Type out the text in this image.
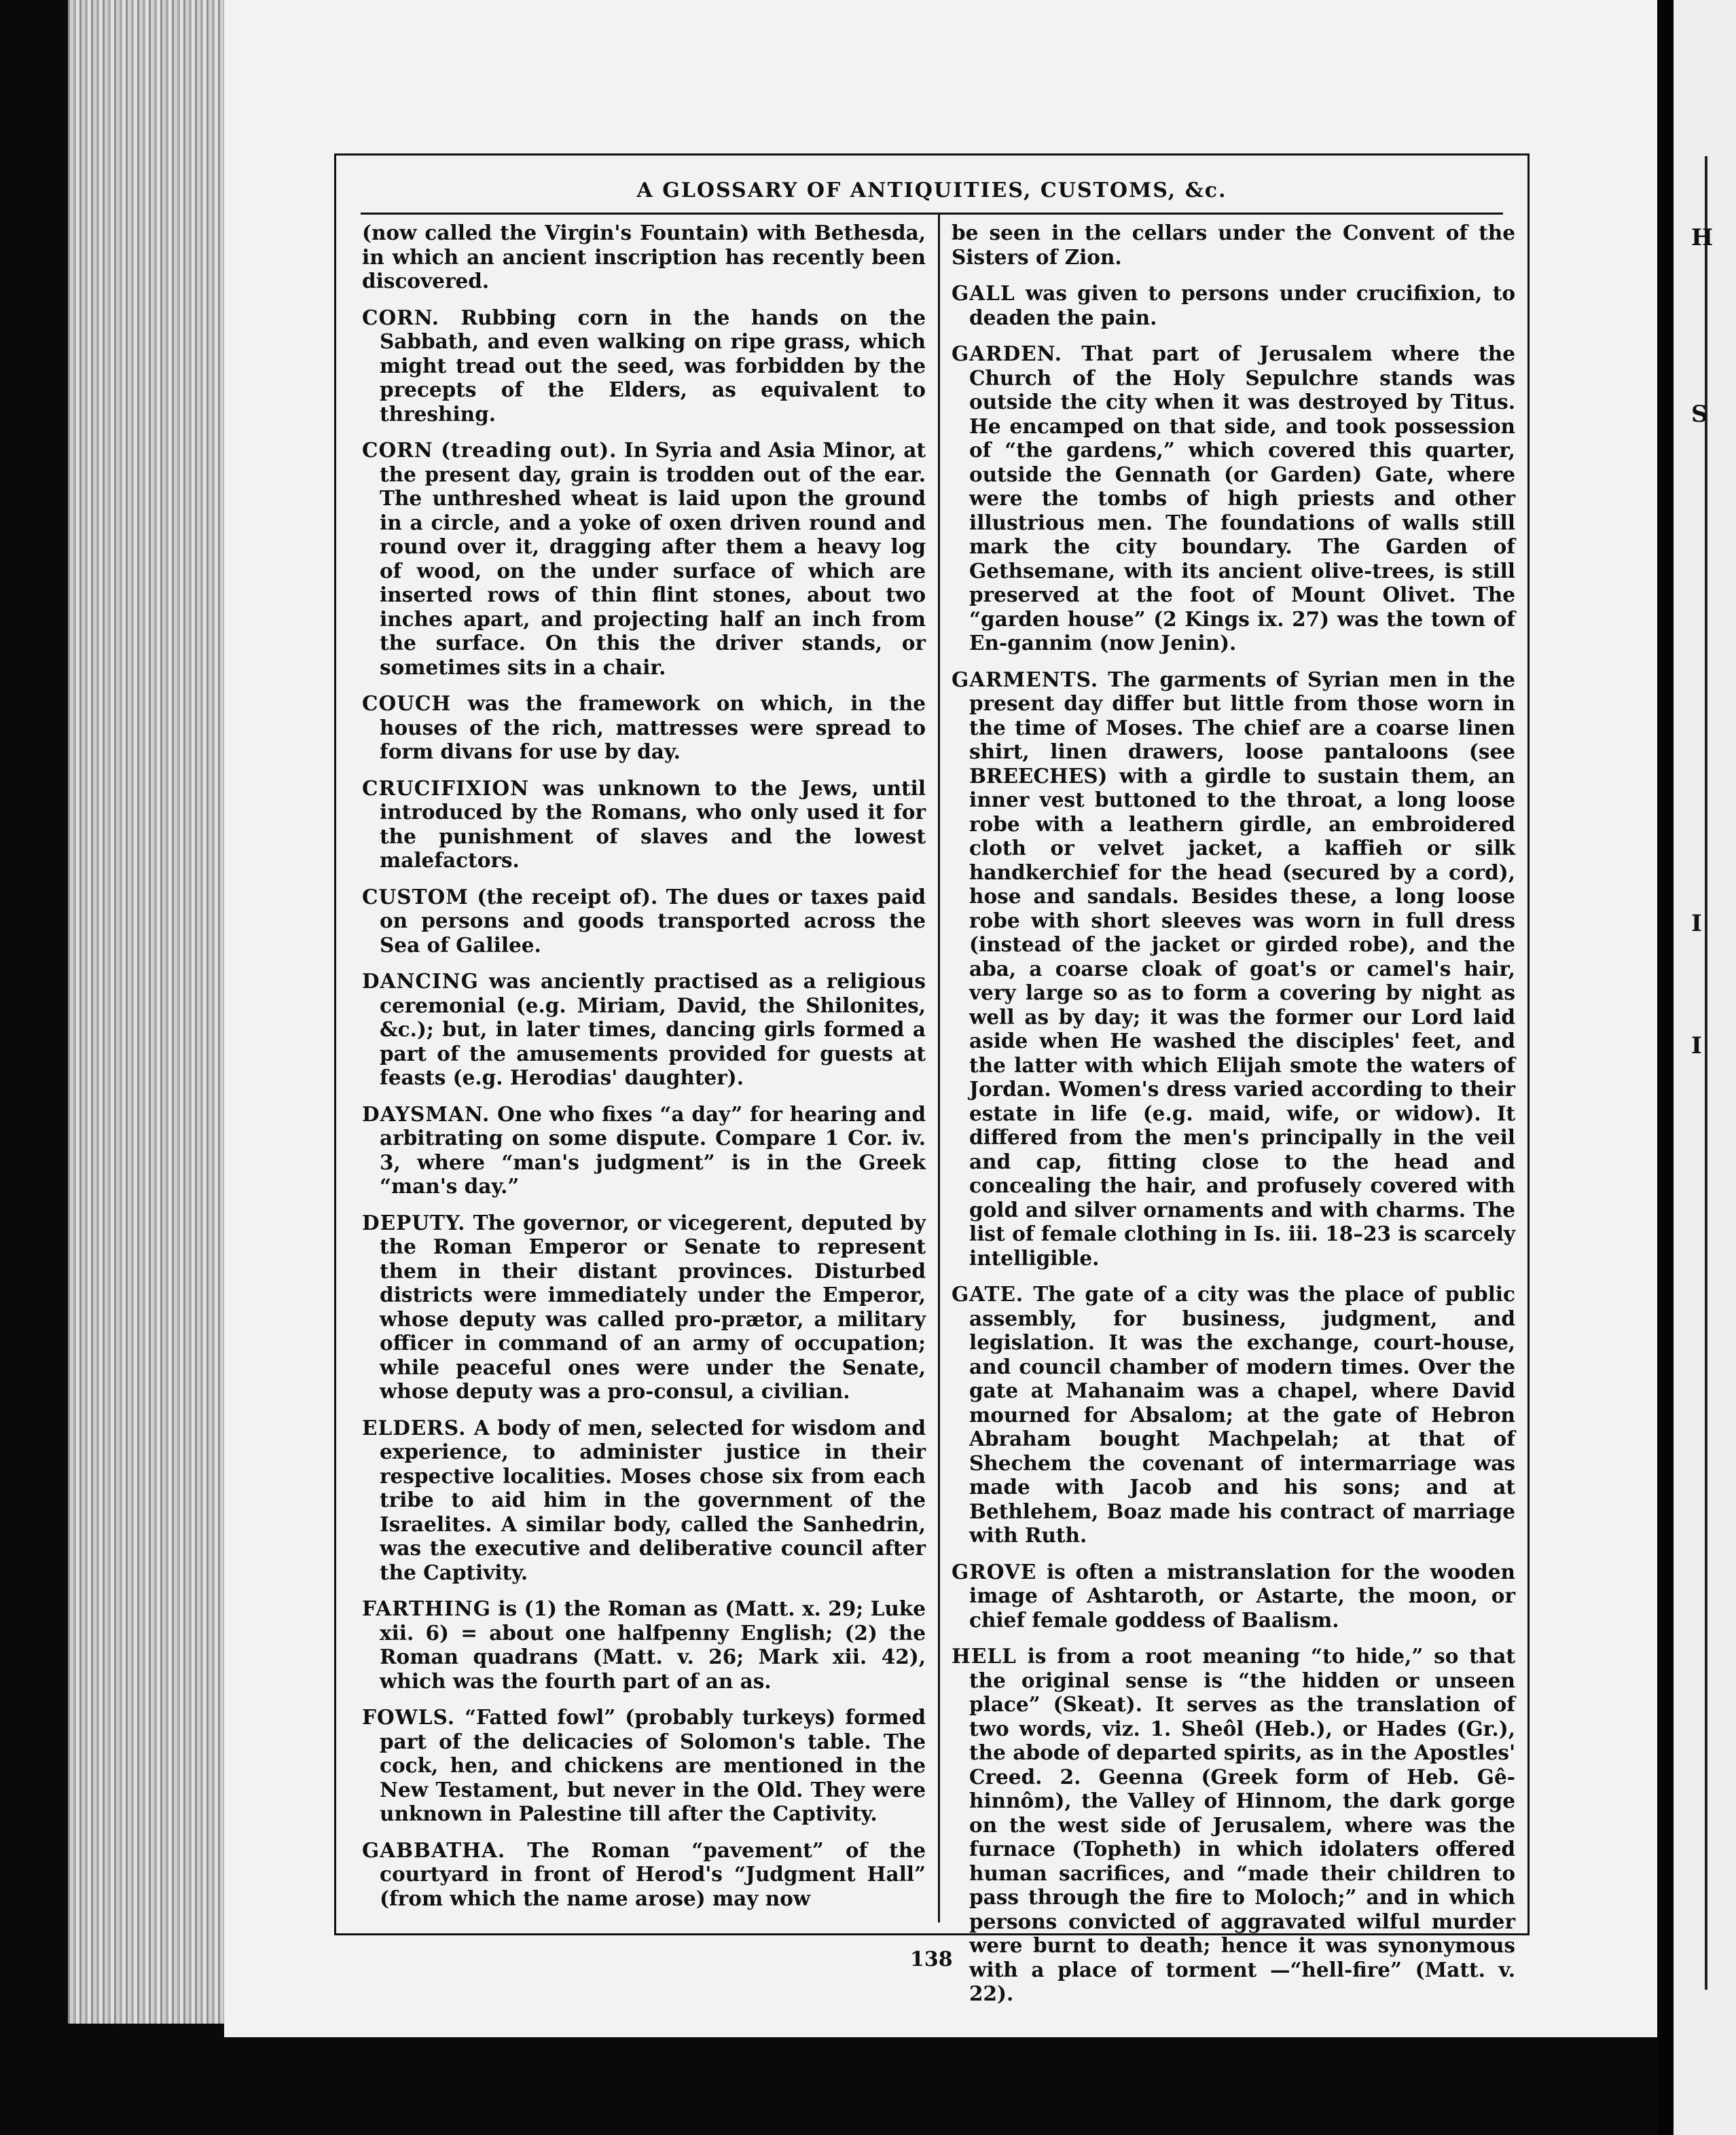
H
S
I
I
A GLOSSARY OF ANTIQUITIES, CUSTOMS, &c.

(now called the Virgin's Fountain) with Bethesda, in which an ancient inscription has recently been discovered.

CORN. Rubbing corn in the hands on the Sabbath, and even walking on ripe grass, which might tread out the seed, was forbidden by the precepts of the Elders, as equivalent to threshing.

CORN (treading out). In Syria and Asia Minor, at the present day, grain is trodden out of the ear. The unthreshed wheat is laid upon the ground in a circle, and a yoke of oxen driven round and round over it, dragging after them a heavy log of wood, on the under surface of which are inserted rows of thin flint stones, about two inches apart, and projecting half an inch from the surface. On this the driver stands, or sometimes sits in a chair.

COUCH was the framework on which, in the houses of the rich, mattresses were spread to form divans for use by day.

CRUCIFIXION was unknown to the Jews, until introduced by the Romans, who only used it for the punishment of slaves and the lowest malefactors.

CUSTOM (the receipt of). The dues or taxes paid on persons and goods transported across the Sea of Galilee.

DANCING was anciently practised as a religious ceremonial (e.g. Miriam, David, the Shilonites, &c.); but, in later times, dancing girls formed a part of the amusements provided for guests at feasts (e.g. Herodias' daughter).

DAYSMAN. One who fixes “a day” for hearing and arbitrating on some dispute. Compare 1 Cor. iv. 3, where “man's judgment” is in the Greek “man's day.”

DEPUTY. The governor, or vicegerent, deputed by the Roman Emperor or Senate to represent them in their distant provinces. Disturbed districts were immediately under the Emperor, whose deputy was called pro-prætor, a military officer in command of an army of occupation; while peaceful ones were under the Senate, whose deputy was a pro-consul, a civilian.

ELDERS. A body of men, selected for wisdom and experience, to administer justice in their respective localities. Moses chose six from each tribe to aid him in the government of the Israelites. A similar body, called the Sanhedrin, was the executive and deliberative council after the Captivity.

FARTHING is (1) the Roman as (Matt. x. 29; Luke xii. 6) = about one halfpenny English; (2) the Roman quadrans (Matt. v. 26; Mark xii. 42), which was the fourth part of an as.

FOWLS. “Fatted fowl” (probably turkeys) formed part of the delicacies of Solomon's table. The cock, hen, and chickens are mentioned in the New Testament, but never in the Old. They were unknown in Palestine till after the Captivity.

GABBATHA. The Roman “pavement” of the courtyard in front of Herod's “Judgment Hall” (from which the name arose) may now

be seen in the cellars under the Convent of the Sisters of Zion.

GALL was given to persons under crucifixion, to deaden the pain.

GARDEN. That part of Jerusalem where the Church of the Holy Sepulchre stands was outside the city when it was destroyed by Titus. He encamped on that side, and took possession of “the gardens,” which covered this quarter, outside the Gennath (or Garden) Gate, where were the tombs of high priests and other illustrious men. The foundations of walls still mark the city boundary. The Garden of Gethsemane, with its ancient olive-trees, is still preserved at the foot of Mount Olivet. The “garden house” (2 Kings ix. 27) was the town of En-gannim (now Jenin).

GARMENTS. The garments of Syrian men in the present day differ but little from those worn in the time of Moses. The chief are a coarse linen shirt, linen drawers, loose pantaloons (see BREECHES) with a girdle to sustain them, an inner vest buttoned to the throat, a long loose robe with a leathern girdle, an embroidered cloth or velvet jacket, a kaffieh or silk handkerchief for the head (secured by a cord), hose and sandals. Besides these, a long loose robe with short sleeves was worn in full dress (instead of the jacket or girded robe), and the aba, a coarse cloak of goat's or camel's hair, very large so as to form a covering by night as well as by day; it was the former our Lord laid aside when He washed the disciples' feet, and the latter with which Elijah smote the waters of Jordan. Women's dress varied according to their estate in life (e.g. maid, wife, or widow). It differed from the men's principally in the veil and cap, fitting close to the head and concealing the hair, and profusely covered with gold and silver ornaments and with charms. The list of female clothing in Is. iii. 18–23 is scarcely intelligible.

GATE. The gate of a city was the place of public assembly, for business, judgment, and legislation. It was the exchange, court-house, and council chamber of modern times. Over the gate at Mahanaim was a chapel, where David mourned for Absalom; at the gate of Hebron Abraham bought Machpelah; at that of Shechem the covenant of intermarriage was made with Jacob and his sons; and at Bethlehem, Boaz made his contract of marriage with Ruth.

GROVE is often a mistranslation for the wooden image of Ashtaroth, or Astarte, the moon, or chief female goddess of Baalism.

HELL is from a root meaning “to hide,” so that the original sense is “the hidden or unseen place” (Skeat). It serves as the translation of two words, viz. 1. Sheôl (Heb.), or Hades (Gr.), the abode of departed spirits, as in the Apostles' Creed. 2. Geenna (Greek form of Heb. Gê-hinnôm), the Valley of Hinnom, the dark gorge on the west side of Jerusalem, where was the furnace (Topheth) in which idolaters offered human sacrifices, and “made their children to pass through the fire to Moloch;” and in which persons convicted of aggravated wilful murder were burnt to death; hence it was synonymous with a place of torment —“hell-fire” (Matt. v. 22).

138
